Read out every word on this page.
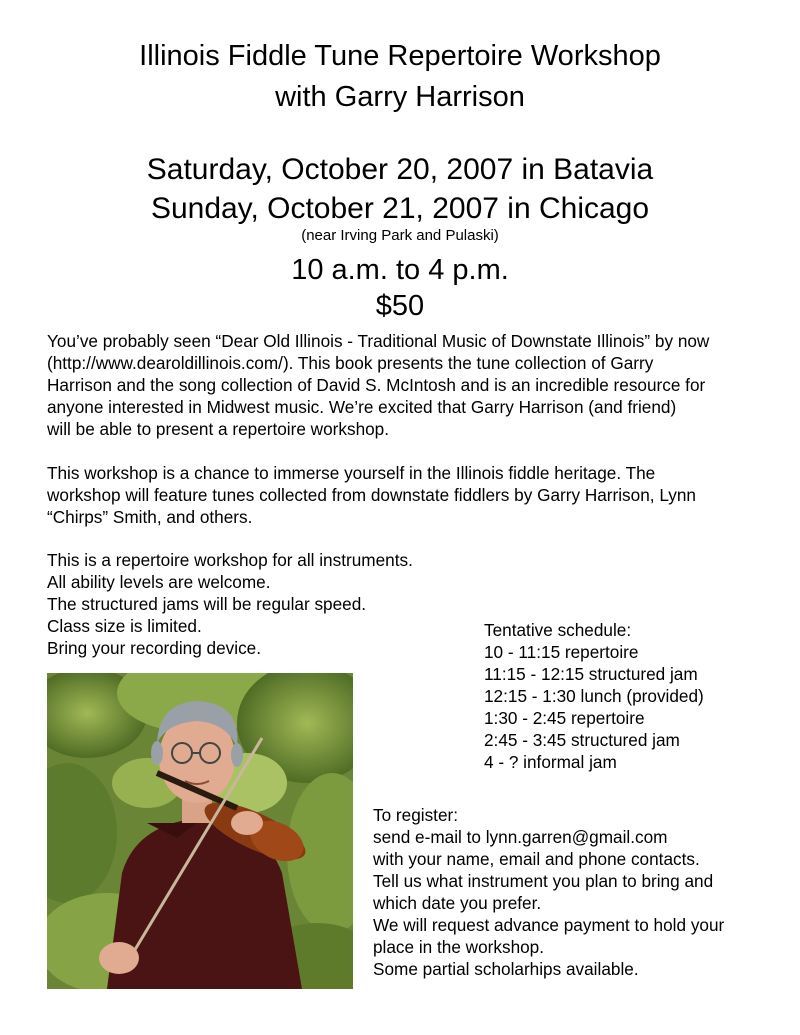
Illinois Fiddle Tune Repertoire Workshop
with Garry Harrison
Saturday, October 20, 2007 in Batavia
Sunday, October 21, 2007 in Chicago
(near Irving Park and Pulaski)
10 a.m. to 4 p.m.
$50
You’ve probably seen “Dear Old Illinois - Traditional Music of Downstate Illinois” by now
(http://www.dearoldillinois.com/). This book presents the tune collection of Garry
Harrison and the song collection of David S. McIntosh and is an incredible resource for
anyone interested in Midwest music. We’re excited that Garry Harrison (and friend)
will be able to present a repertoire workshop.
This workshop is a chance to immerse yourself in the Illinois fiddle heritage. The
workshop will feature tunes collected from downstate fiddlers by Garry Harrison, Lynn
“Chirps” Smith, and others.
This is a repertoire workshop for all instruments.
All ability levels are welcome.
The structured jams will be regular speed.
Class size is limited.
Bring your recording device.
Tentative schedule:
10 - 11:15 repertoire
11:15 - 12:15 structured jam
12:15 - 1:30 lunch (provided)
1:30 - 2:45 repertoire
2:45 - 3:45 structured jam
4 - ? informal jam
To register:
send e-mail to lynn.garren@gmail.com
with your name, email and phone contacts.
Tell us what instrument you plan to bring and
which date you prefer.
We will request advance payment to hold your
place in the workshop.
Some partial scholarhips available.
